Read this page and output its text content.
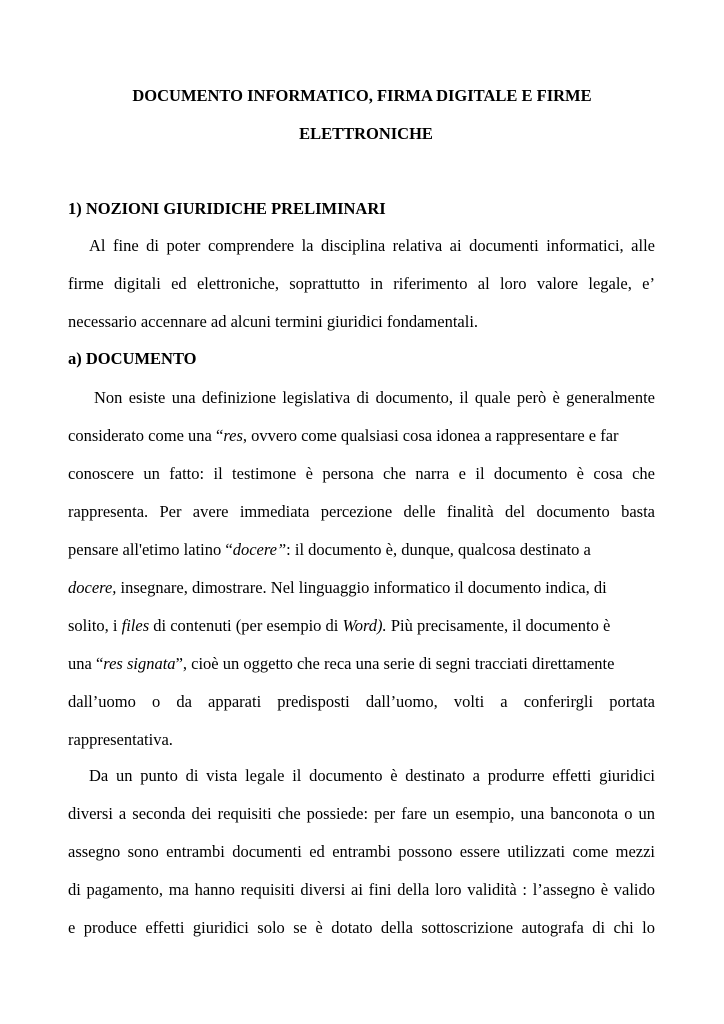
DOCUMENTO INFORMATICO, FIRMA DIGITALE E FIRME
ELETTRONICHE
1) NOZIONI GIURIDICHE PRELIMINARI
Al fine di poter comprendere la disciplina relativa ai documenti informatici, alle
firme digitali ed elettroniche, soprattutto in riferimento al loro valore legale, e’
necessario accennare ad alcuni termini giuridici fondamentali.
a) DOCUMENTO
Non esiste una definizione legislativa di documento, il quale però è generalmente
considerato come una “res, ovvero come qualsiasi cosa idonea a rappresentare e far
conoscere un fatto: il testimone è persona che narra e il documento è cosa che
rappresenta. Per avere immediata percezione delle finalità del documento basta
pensare all'etimo latino “docere”: il documento è, dunque, qualcosa destinato a
docere, insegnare, dimostrare. Nel linguaggio informatico il documento indica, di
solito, i files di contenuti (per esempio di Word). Più precisamente, il documento è
una “res signata”, cioè un oggetto che reca una serie di segni tracciati direttamente
dall’uomo o da apparati predisposti dall’uomo, volti a conferirgli portata
rappresentativa.
Da un punto di vista legale il documento è destinato a produrre effetti giuridici
diversi a seconda dei requisiti che possiede: per fare un esempio, una banconota o un
assegno sono entrambi documenti ed entrambi possono essere utilizzati come mezzi
di pagamento, ma hanno requisiti diversi ai fini della loro validità : l’assegno è valido
e produce effetti giuridici solo se è dotato della sottoscrizione autografa di chi lo
